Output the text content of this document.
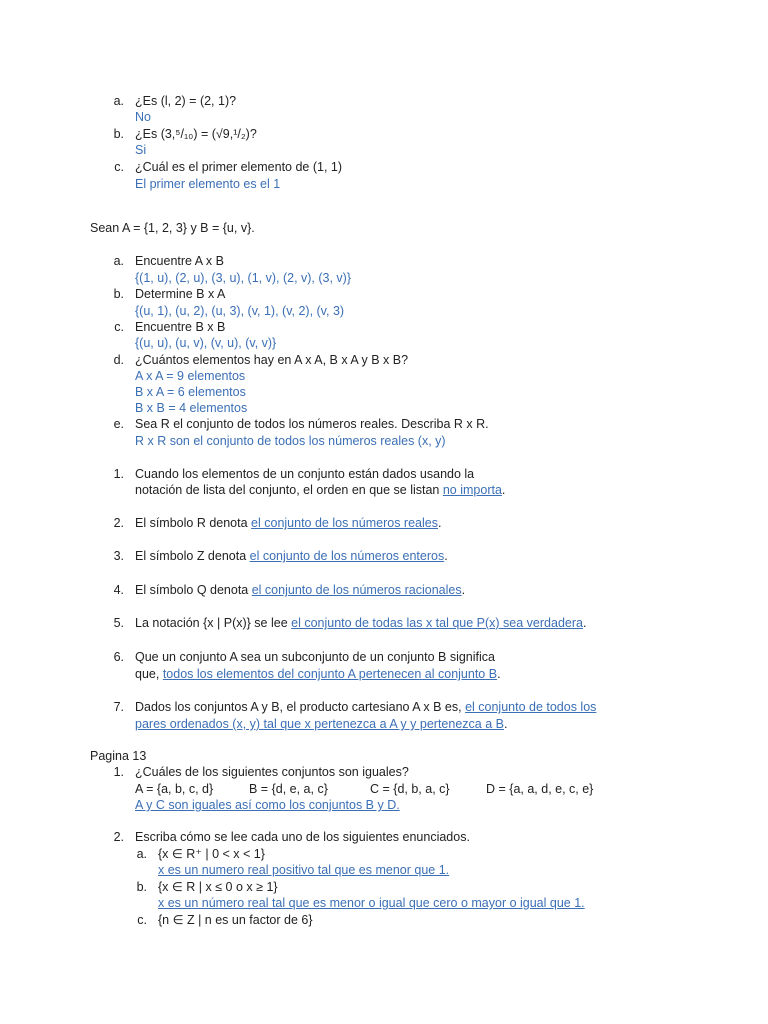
a. ¿Es (l, 2) = (2, 1)?
No
b. ¿Es (3,⁵/₁₀) = (√9,¹/₂)?
Si
c. ¿Cuál es el primer elemento de (1, 1)
El primer elemento es el 1
Sean A = {1, 2, 3} y B = {u, v}.
a. Encuentre A x B
{(1, u), (2, u), (3, u), (1, v), (2, v), (3, v)}
b. Determine B x A
{(u, 1), (u, 2), (u, 3), (v, 1), (v, 2), (v, 3)
c. Encuentre B x B
{(u, u), (u, v), (v, u), (v, v)}
d. ¿Cuántos elementos hay en A x A, B x A y B x B?
A x A = 9 elementos
B x A = 6 elementos
B x B = 4 elementos
e. Sea R el conjunto de todos los números reales. Describa R x R.
R x R son el conjunto de todos los números reales (x, y)
1. Cuando los elementos de un conjunto están dados usando la
notación de lista del conjunto, el orden en que se listan no importa.
2. El símbolo R denota el conjunto de los números reales.
3. El símbolo Z denota el conjunto de los números enteros.
4. El símbolo Q denota el conjunto de los números racionales.
5. La notación {x | P(x)} se lee el conjunto de todas las x tal que P(x) sea verdadera.
6. Que un conjunto A sea un subconjunto de un conjunto B significa
que, todos los elementos del conjunto A pertenecen al conjunto B.
7. Dados los conjuntos A y B, el producto cartesiano A x B es, el conjunto de todos los
pares ordenados (x, y) tal que x pertenezca a A y y pertenezca a B.
Pagina 13
1. ¿Cuáles de los siguientes conjuntos son iguales?
A = {a, b, c, d}	B = {d, e, a, c}	C = {d, b, a, c}	D = {a, a, d, e, c, e}
A y C son iguales así como los conjuntos B y D.
2. Escriba cómo se lee cada uno de los siguientes enunciados.
a. {x ∈ R⁺ | 0 < x < 1}
x es un numero real positivo tal que es menor que 1.
b. {x ∈ R | x ≤ 0 o x ≥ 1}
x es un número real tal que es menor o igual que cero o mayor o igual que 1.
c. {n ∈ Z | n es un factor de 6}
